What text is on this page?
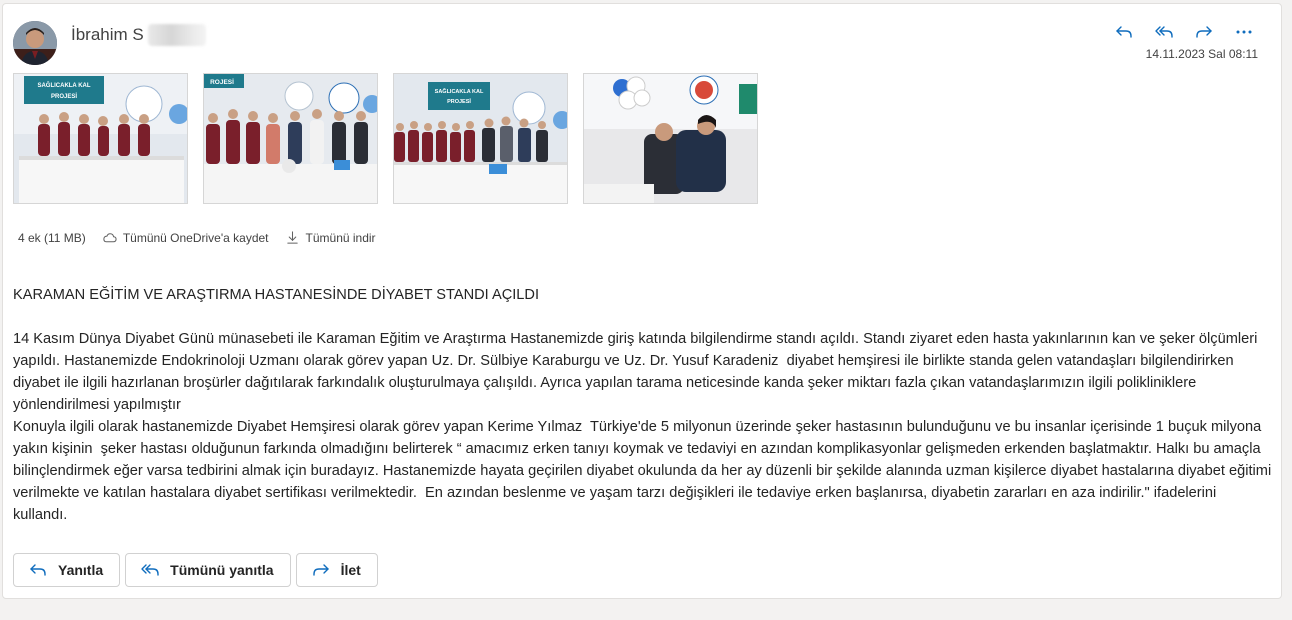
İbrahim S
14.11.2023 Sal 08:11
SAĞLICAKLA KAL
PROJESİ
ROJESİ
SAĞLICAKLA KAL
PROJESİ
4 ek (11 MB)	Tümünü OneDrive'a kaydet	Tümünü indir

KARAMAN EĞİTİM VE ARAŞTIRMA HASTANESİNDE DİYABET STANDI AÇILDI

14 Kasım Dünya Diyabet Günü münasebeti ile Karaman Eğitim ve Araştırma Hastanemizde giriş katında bilgilendirme standı açıldı. Standı ziyaret eden hasta yakınlarının kan ve şeker ölçümleri yapıldı. Hastanemizde Endokrinoloji Uzmanı olarak görev yapan Uz. Dr. Sülbiye Karaburgu ve Uz. Dr. Yusuf Karadeniz  diyabet hemşiresi ile birlikte standa gelen vatandaşları bilgilendirirken  diyabet ile ilgili hazırlanan broşürler dağıtılarak farkındalık oluşturulmaya çalışıldı. Ayrıca yapılan tarama neticesinde kanda şeker miktarı fazla çıkan vatandaşlarımızın ilgili polikliniklere yönlendirilmesi yapılmıştır

Konuyla ilgili olarak hastanemizde Diyabet Hemşiresi olarak görev yapan Kerime Yılmaz  Türkiye'de 5 milyonun üzerinde şeker hastasının bulunduğunu ve bu insanlar içerisinde 1 buçuk milyona yakın kişinin  şeker hastası olduğunun farkında olmadığını belirterek “ amacımız erken tanıyı koymak ve tedaviyi en azından komplikasyonlar gelişmeden erkenden başlatmaktır. Halkı bu amaçla bilinçlendirmek eğer varsa tedbirini almak için buradayız. Hastanemizde hayata geçirilen diyabet okulunda da her ay düzenli bir şekilde alanında uzman kişilerce diyabet hastalarına diyabet eğitimi verilmekte ve katılan hastalara diyabet sertifikası verilmektedir.  En azından beslenme ve yaşam tarzı değişikleri ile tedaviye erken başlanırsa, diyabetin zararları en aza indirilir." ifadelerini kullandı.

Yanıtla	Tümünü yanıtla	İlet
